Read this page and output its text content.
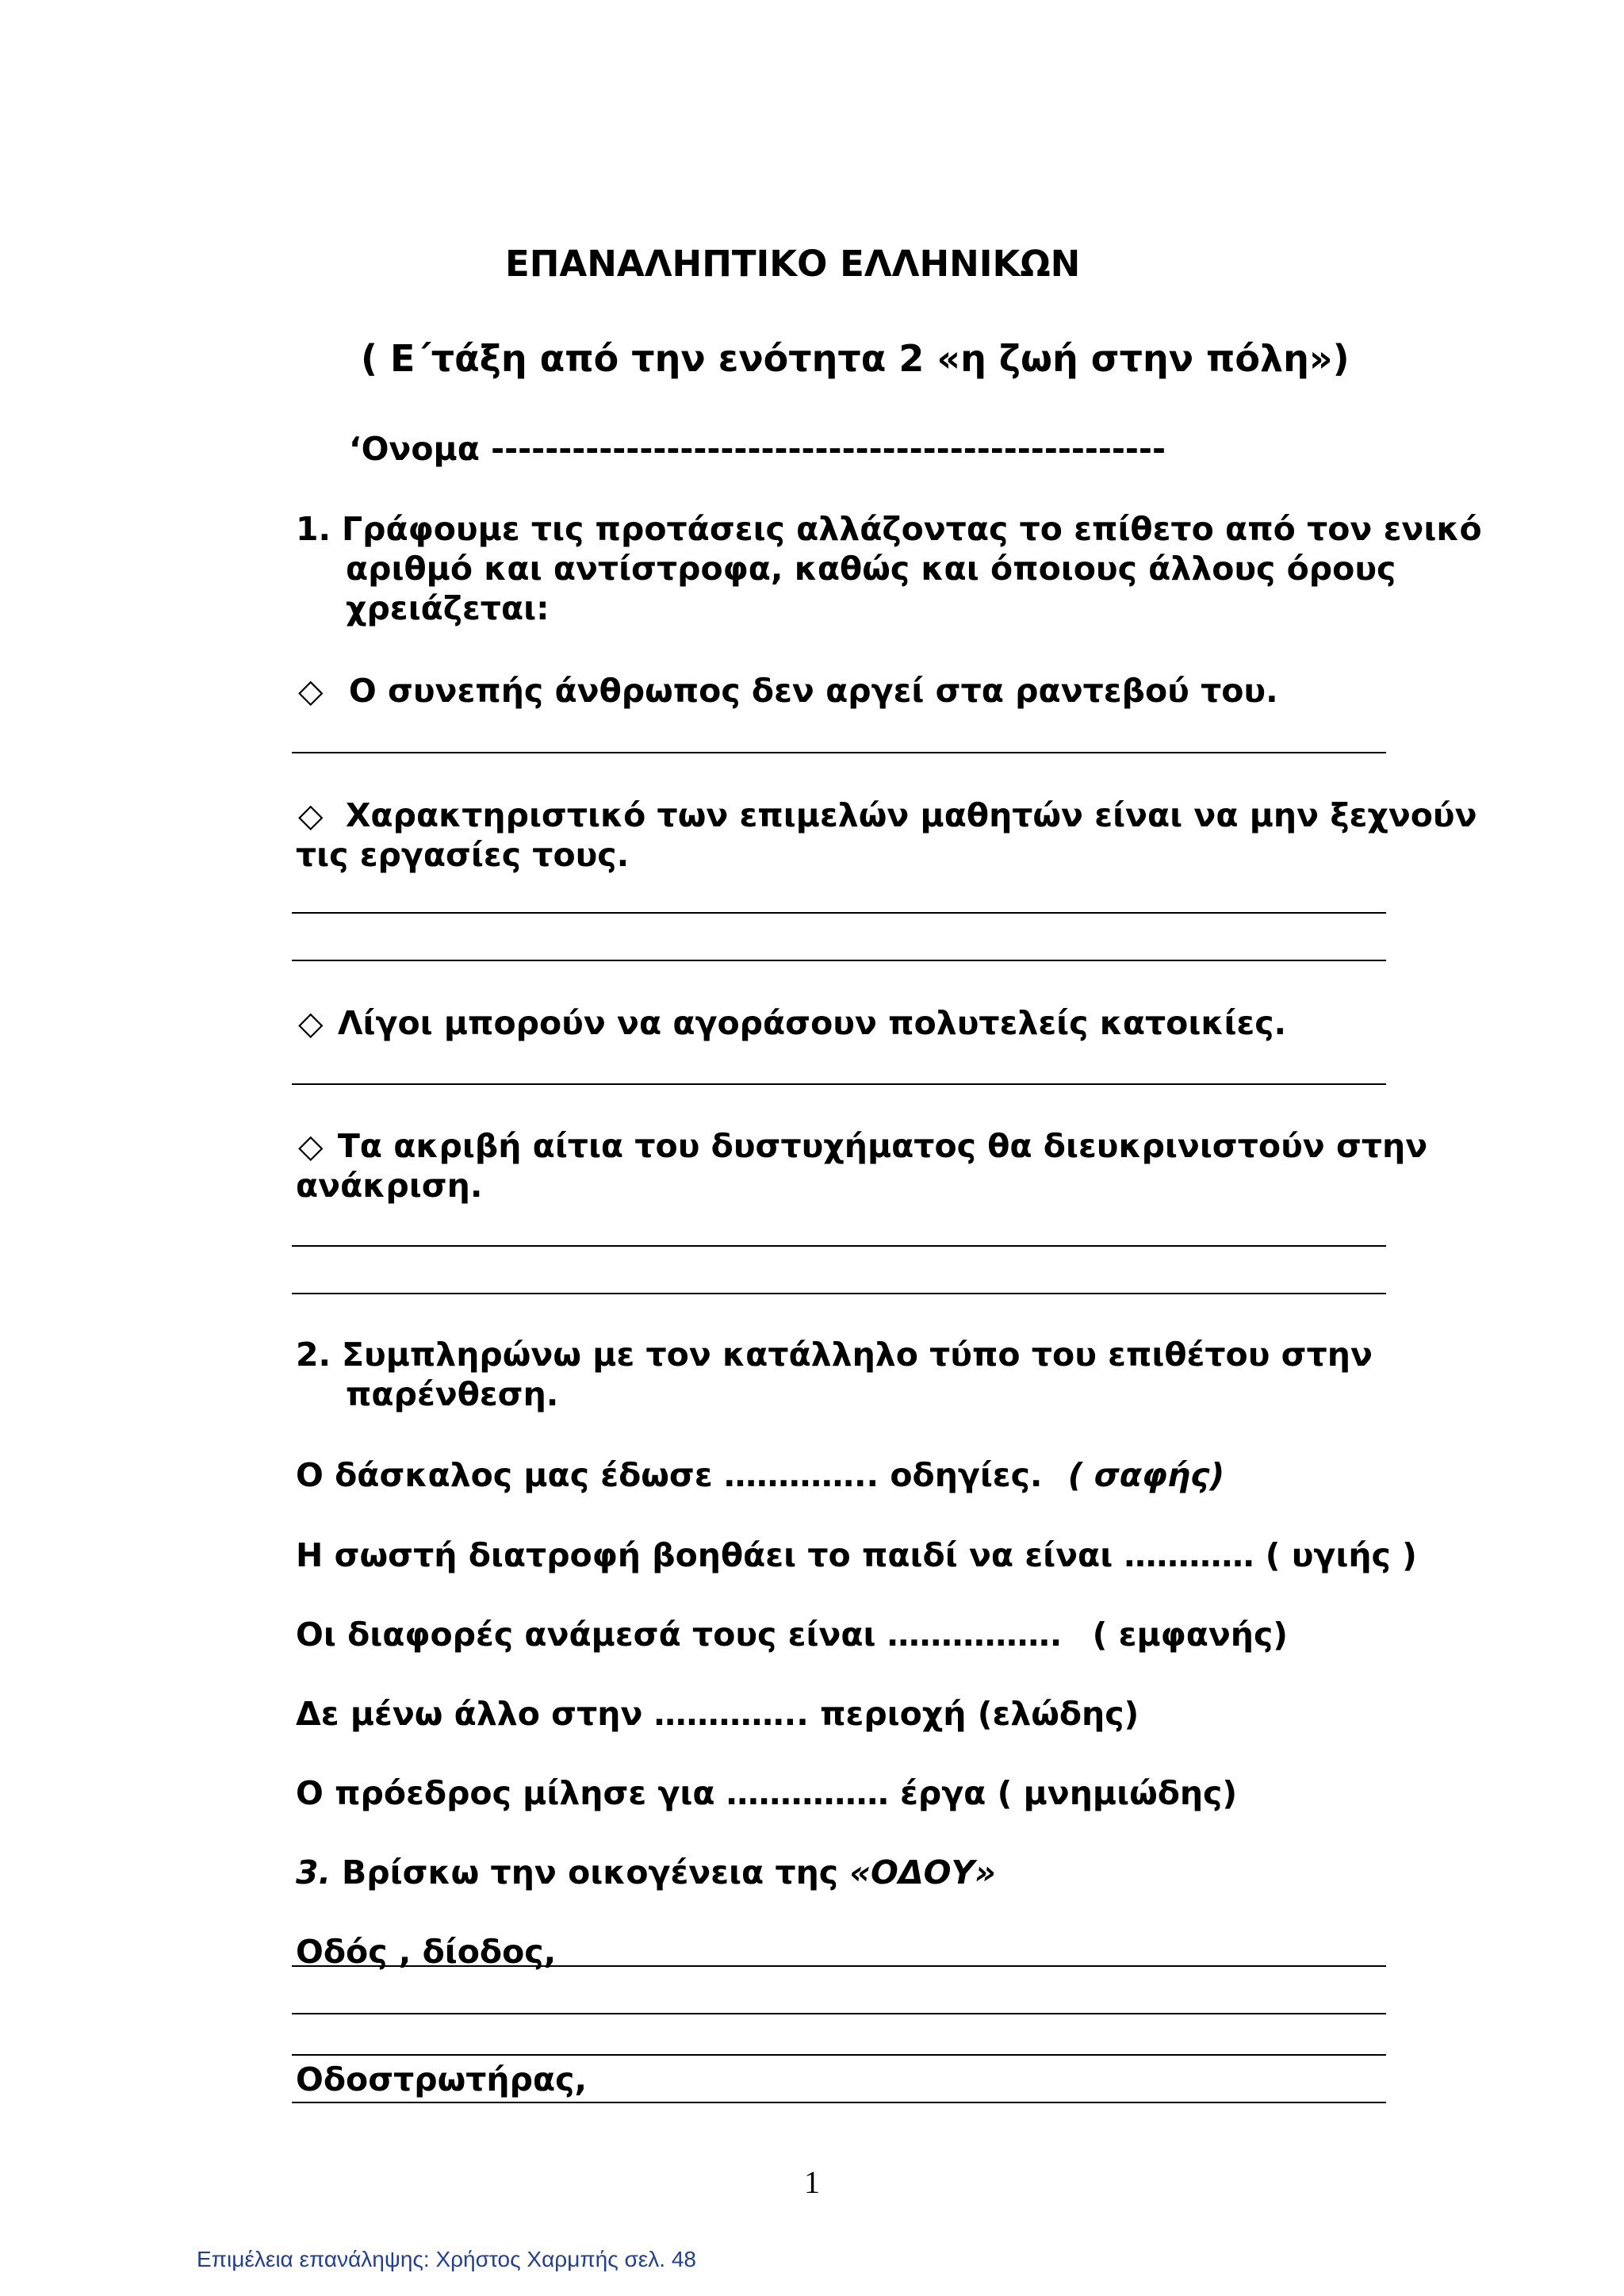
ΕΠΑΝΑΛΗΠΤΙΚΟ ΕΛΛΗΝΙΚΩΝ
( Ε΄τάξη από την ενότητα 2 «η ζωή στην πόλη»)
‘Ονομα --------------------------------------------------
1. Γράφουμε τις προτάσεις αλλάζοντας το επίθετο από τον ενικό
αριθμό και αντίστροφα, καθώς και όποιους άλλους όρους
χρειάζεται:
◇ Ο συνεπής άνθρωπος δεν αργεί στα ραντεβού του.
◇ Χαρακτηριστικό των επιμελών μαθητών είναι να μην ξεχνούν
τις εργασίες τους.
◇ Λίγοι μπορούν να αγοράσουν πολυτελείς κατοικίες.
◇ Τα ακριβή αίτια του δυστυχήματος θα διευκρινιστούν στην
ανάκριση.
2. Συμπληρώνω με τον κατάλληλο τύπο του επιθέτου στην
παρένθεση.
Ο δάσκαλος μας έδωσε ………….. οδηγίες. ( σαφής)
Η σωστή διατροφή βοηθάει το παιδί να είναι ………… ( υγιής )
Οι διαφορές ανάμεσά τους είναι ……………. ( εμφανής)
Δε μένω άλλο στην ………….. περιοχή (ελώδης)
Ο πρόεδρος μίλησε για …………… έργα ( μνημιώδης)
3. Βρίσκω την οικογένεια της «ΟΔΟΥ»
Οδός , δίοδος,
Οδοστρωτήρας,
1
Επιμέλεια επανάληψης: Χρήστος Χαρμπής σελ. 48
